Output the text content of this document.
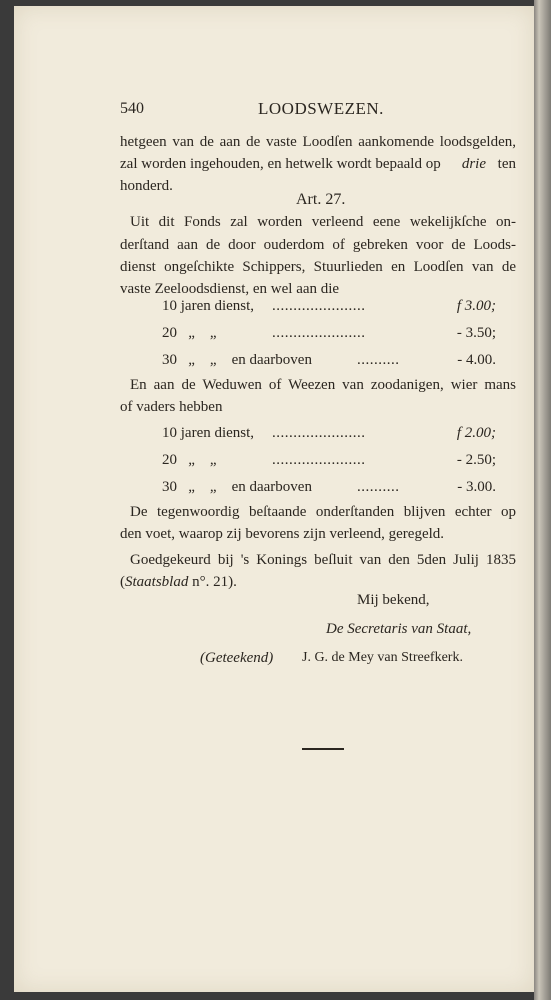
540	LOODSWEZEN.
hetgeen van de aan de vaste Loodſen aankomende loodsgelden,
zal worden ingehouden, en hetwelk wordt bepaald op drie ten
honderd.
Art. 27.
Uit dit Fonds zal worden verleend eene wekelijkſche on-
derſtand aan de door ouderdom of gebreken voor de Loods-
dienst ongeſchikte Schippers, Stuurlieden en Loodſen van de
vaste Zeeloodsdienst, en wel aan die
10 jaren dienst, ......................	f 3.00;
20   „    „	......................	- 3.50;
30   „    „    en daarboven	..........	- 4.00.
En aan de Weduwen of Weezen van zoodanigen, wier mans
of vaders hebben
10 jaren dienst, ......................	f 2.00;
20   „    „	......................	- 2.50;
30   „    „    en daarboven	..........	- 3.00.
De tegenwoordig beſtaande onderſtanden blijven echter op
den voet, waarop zij bevorens zijn verleend, geregeld.
Goedgekeurd bij 's Konings beſluit van den 5den Julij 1835
(Staatsblad n°. 21).
Mij bekend,
De Secretaris van Staat,
(Geteekend) J. G. de Mey van Streefkerk.
